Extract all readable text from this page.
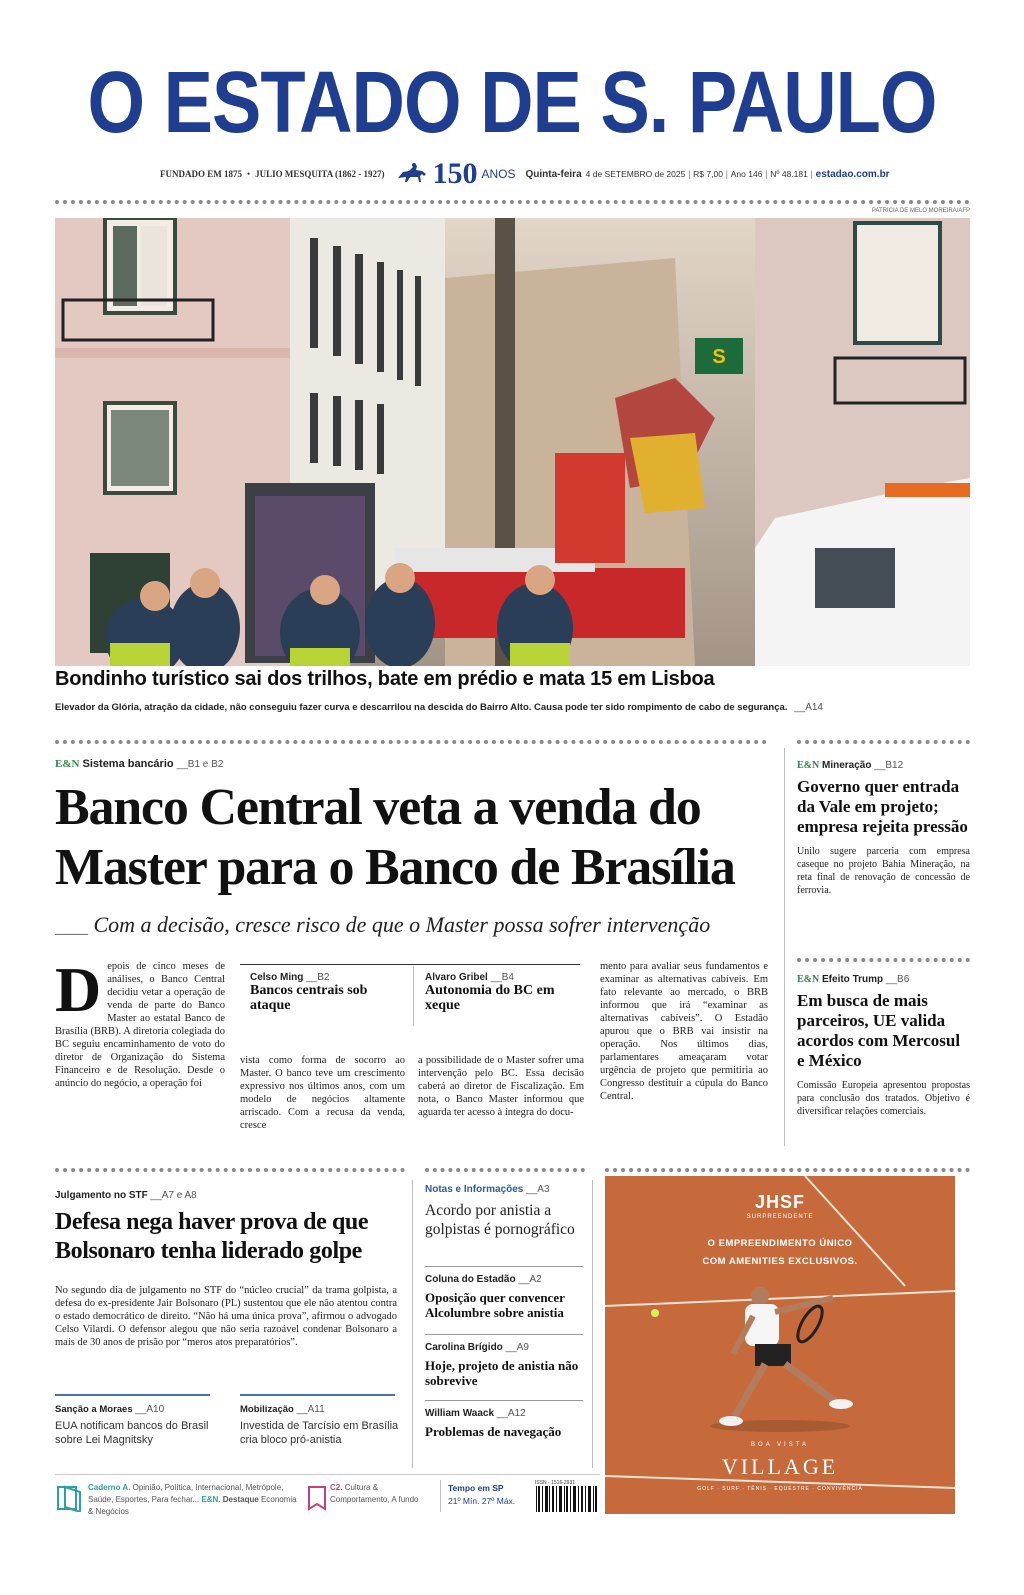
O ESTADO DE S. PAULO
FUNDADO EM 1875 • JULIO MESQUITA (1862 - 1927) 150 ANOS Quinta-feira 4 de SETEMBRO de 2025 | R$ 7,00 | Ano 146 | Nº 48.181 | estadao.com.br
PATRICIA DE MELO MOREIRA/AFP
S
Bondinho turístico sai dos trilhos, bate em prédio e mata 15 em Lisboa
Elevador da Glória, atração da cidade, não conseguiu fazer curva e descarrilou na descida do Bairro Alto. Causa pode ter sido rompimento de cabo de segurança. __A14
E&N Sistema bancário __B1 e B2
Banco Central veta a venda do
Master para o Banco de Brasília
___ Com a decisão, cresce risco de que o Master possa sofrer intervenção
D epois de cinco meses de análises, o Banco Central decidiu vetar a operação de venda de parte do Banco Master ao estatal Banco de Brasília (BRB). A diretoria colegiada do BC seguiu encaminhamento de voto do diretor de Organização do Sistema Financeiro e de Resolução. Desde o anúncio do negócio, a operação foi
Celso Ming __B2
Bancos centrais sob ataque
Alvaro Gribel __B4
Autonomia do BC em xeque
vista como forma de socorro ao Master. O banco teve um crescimento expressivo nos últimos anos, com um modelo de negócios altamente arriscado. Com a recusa da venda, cresce
a possibilidade de o Master sofrer uma intervenção pelo BC. Essa decisão caberá ao diretor de Fiscalização. Em nota, o Banco Master informou que aguarda ter acesso à íntegra do docu-
mento para avaliar seus fundamentos e examinar as alternativas cabíveis. Em fato relevante ao mercado, o BRB informou que irá “examinar as alternativas cabíveis”. O Estadão apurou que o BRB vai insistir na operação. Nos últimos dias, parlamentares ameaçaram votar urgência de projeto que permitiria ao Congresso destituir a cúpula do Banco Central.
E&N Mineração __B12
Governo quer entrada da Vale em projeto; empresa rejeita pressão
Unilo sugere parceria com empresa caseque no projeto Bahia Mineração, na reta final de renovação de concessão de ferrovia.
E&N Efeito Trump __B6
Em busca de mais parceiros, UE valida acordos com Mercosul e México
Comissão Europeia apresentou propostas para conclusão dos tratados. Objetivo é diversificar relações comerciais.
Julgamento no STF __A7 e A8
Defesa nega haver prova de que Bolsonaro tenha liderado golpe
No segundo dia de julgamento no STF do “núcleo crucial” da trama golpista, a defesa do ex-presidente Jair Bolsonaro (PL) sustentou que ele não atentou contra o estado democrático de direito. “Não há uma única prova”, afirmou o advogado Celso Vilardi. O defensor alegou que não seria razoável condenar Bolsonaro a mais de 30 anos de prisão por “meros atos preparatórios”.
Sanção a Moraes __A10
EUA notificam bancos do Brasil sobre Lei Magnitsky
Mobilização __A11
Investida de Tarcísio em Brasília cria bloco pró-anistia
Notas e Informações __A3
Acordo por anistia a golpistas é pornográfico
Coluna do Estadão __A2
Oposição quer convencer Alcolumbre sobre anistia
Carolina Brígido __A9
Hoje, projeto de anistia não sobrevive
William Waack __A12
Problemas de navegação
JHSF
SURPREENDENTE
O EMPREENDIMENTO ÚNICO
COM AMENITIES EXCLUSIVOS.
BOA VISTA
VILLAGE
GOLF · SURF · TÊNIS · EQUESTRE · CONVIVÊNCIA
Caderno A. Opinião, Política, Internacional, Metrópole, Saúde, Esportes, Para fechar... E&N. Destaque Economia & Negócios
C2. Cultura & Comportamento, A fundo
Tempo em SP
21º Mín. 27º Máx.
ISSN - 1516-2931
